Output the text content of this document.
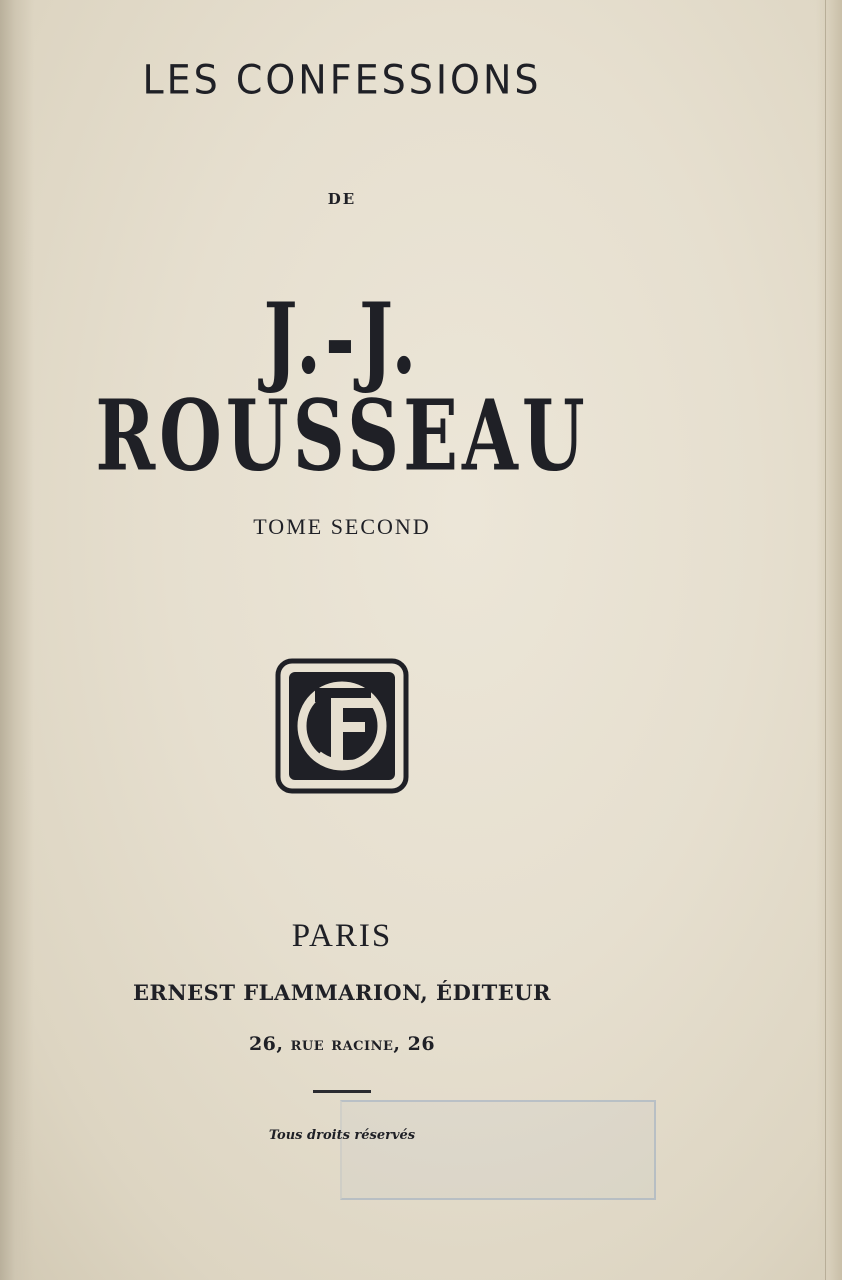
LES CONFESSIONS
DE
J.-J. ROUSSEAU
TOME SECOND
PARIS
ERNEST FLAMMARION, ÉDITEUR
26, rue racine, 26
Tous droits réservés
